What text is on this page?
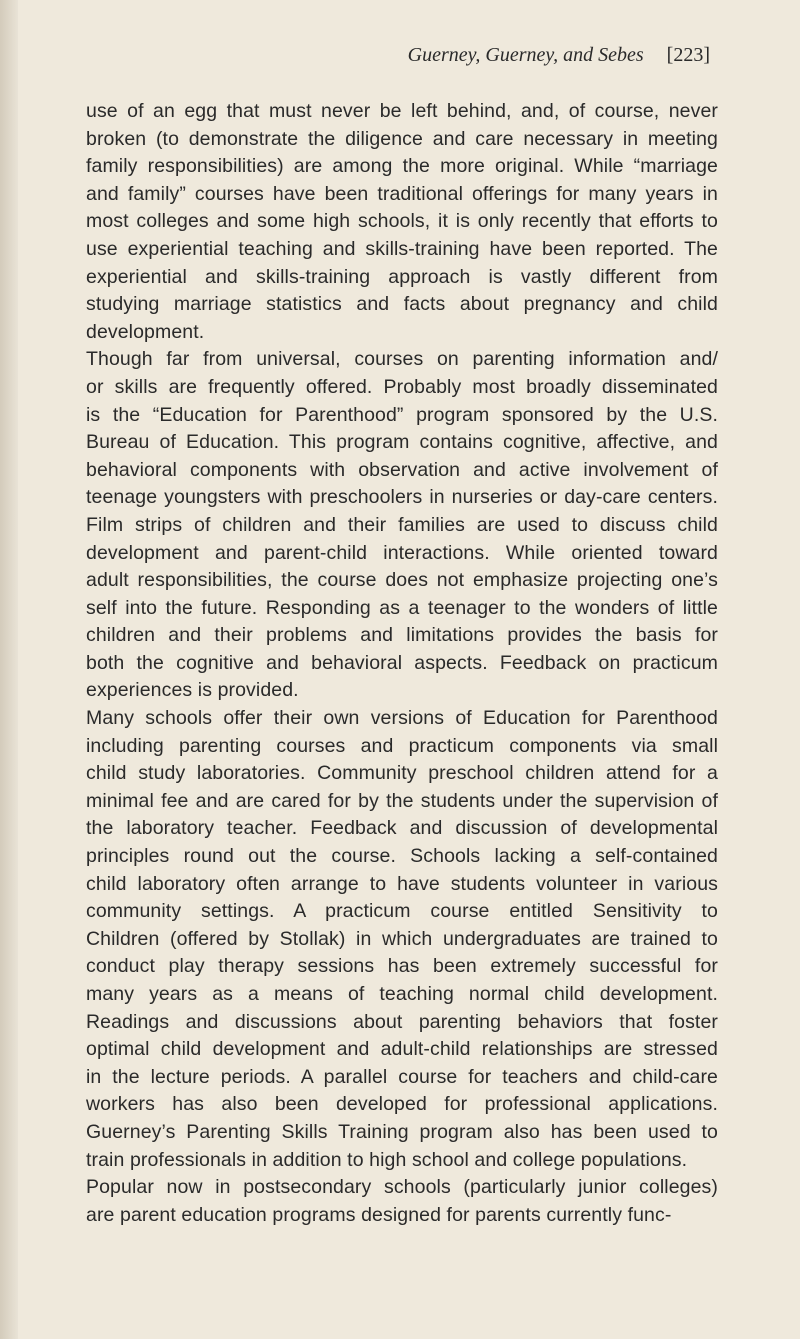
Guerney, Guerney, and Sebes [223]
use of an egg that must never be left behind, and, of course, never
broken (to demonstrate the diligence and care necessary in meeting
family responsibilities) are among the more original. While “marriage
and family” courses have been traditional offerings for many years in
most colleges and some high schools, it is only recently that efforts to
use experiential teaching and skills-training have been reported. The
experiential and skills-training approach is vastly different from
studying marriage statistics and facts about pregnancy and child
development.
Though far from universal, courses on parenting information and/
or skills are frequently offered. Probably most broadly disseminated
is the “Education for Parenthood” program sponsored by the U.S.
Bureau of Education. This program contains cognitive, affective, and
behavioral components with observation and active involvement of
teenage youngsters with preschoolers in nurseries or day-care centers.
Film strips of children and their families are used to discuss child
development and parent-child interactions. While oriented toward
adult responsibilities, the course does not emphasize projecting one’s
self into the future. Responding as a teenager to the wonders of little
children and their problems and limitations provides the basis for
both the cognitive and behavioral aspects. Feedback on practicum
experiences is provided.
Many schools offer their own versions of Education for Parenthood
including parenting courses and practicum components via small
child study laboratories. Community preschool children attend for a
minimal fee and are cared for by the students under the supervision of
the laboratory teacher. Feedback and discussion of developmental
principles round out the course. Schools lacking a self-contained
child laboratory often arrange to have students volunteer in various
community settings. A practicum course entitled Sensitivity to
Children (offered by Stollak) in which undergraduates are trained to
conduct play therapy sessions has been extremely successful for
many years as a means of teaching normal child development.
Readings and discussions about parenting behaviors that foster
optimal child development and adult-child relationships are stressed
in the lecture periods. A parallel course for teachers and child-care
workers has also been developed for professional applications.
Guerney’s Parenting Skills Training program also has been used to
train professionals in addition to high school and college populations.
Popular now in postsecondary schools (particularly junior colleges)
are parent education programs designed for parents currently func-
